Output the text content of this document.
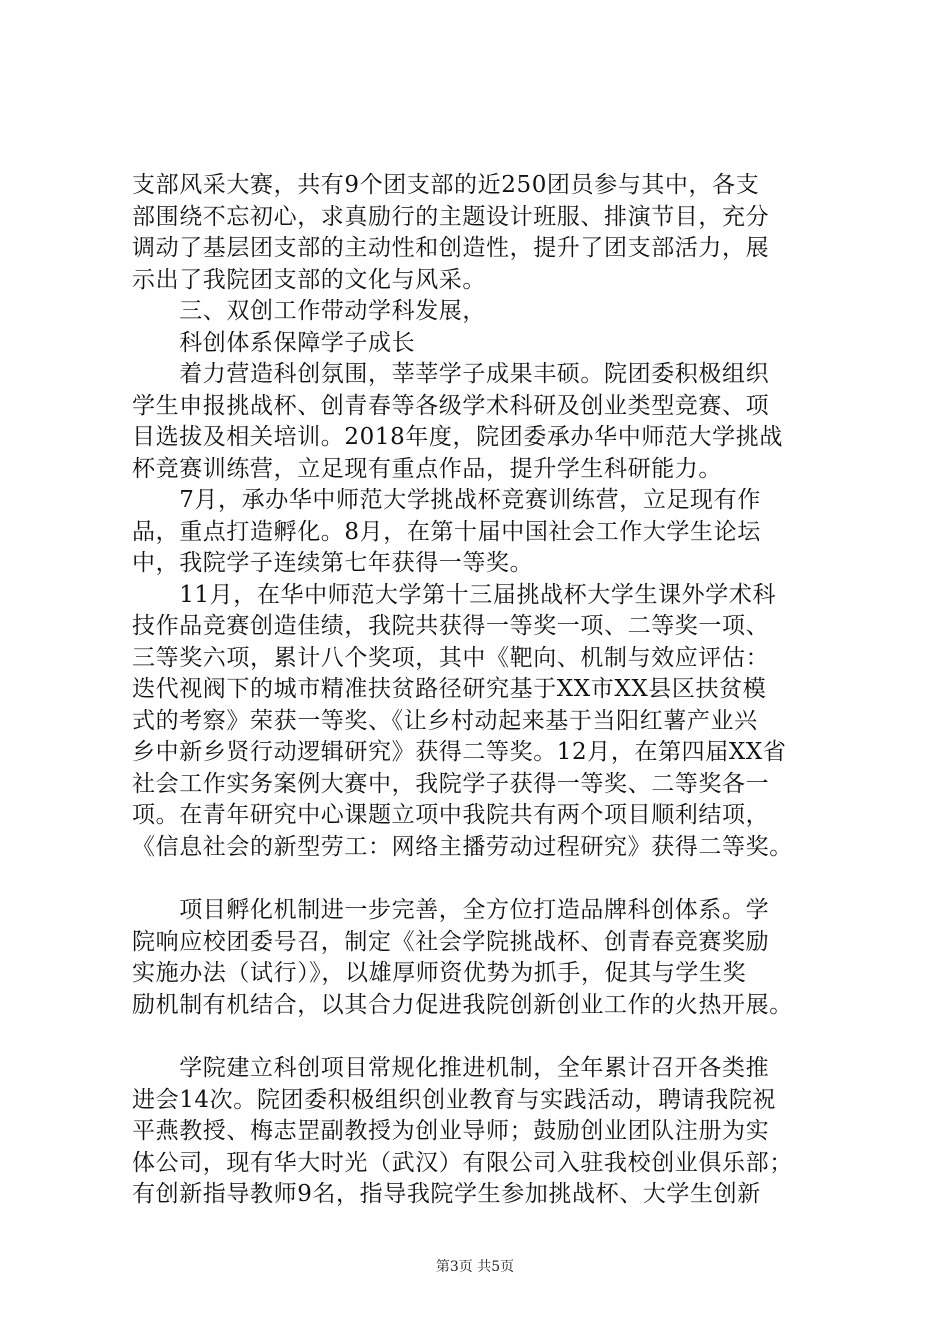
支部风采大赛，共有9个团支部的近250团员参与其中，各支
部围绕不忘初心，求真励行的主题设计班服、排演节目，充分
调动了基层团支部的主动性和创造性，提升了团支部活力，展
示出了我院团支部的文化与风采。
　　三、双创工作带动学科发展，
　　科创体系保障学子成长
　　着力营造科创氛围，莘莘学子成果丰硕。院团委积极组织
学生申报挑战杯、创青春等各级学术科研及创业类型竞赛、项
目选拔及相关培训。2018年度，院团委承办华中师范大学挑战
杯竞赛训练营，立足现有重点作品，提升学生科研能力。
　　7月，承办华中师范大学挑战杯竞赛训练营，立足现有作
品，重点打造孵化。8月，在第十届中国社会工作大学生论坛
中，我院学子连续第七年获得一等奖。
　　11月，在华中师范大学第十三届挑战杯大学生课外学术科
技作品竞赛创造佳绩，我院共获得一等奖一项、二等奖一项、
三等奖六项，累计八个奖项，其中《靶向、机制与效应评估：
迭代视阀下的城市精准扶贫路径研究基于XX市XX县区扶贫模
式的考察》荣获一等奖、《让乡村动起来基于当阳红薯产业兴
乡中新乡贤行动逻辑研究》获得二等奖。12月，在第四届XX省
社会工作实务案例大赛中，我院学子获得一等奖、二等奖各一
项。在青年研究中心课题立项中我院共有两个项目顺利结项，
《信息社会的新型劳工：网络主播劳动过程研究》获得二等奖。
　　项目孵化机制进一步完善，全方位打造品牌科创体系。学
院响应校团委号召，制定《社会学院挑战杯、创青春竞赛奖励
实施办法（试行）》，以雄厚师资优势为抓手，促其与学生奖
励机制有机结合，以其合力促进我院创新创业工作的火热开展。
　　学院建立科创项目常规化推进机制，全年累计召开各类推
进会14次。院团委积极组织创业教育与实践活动，聘请我院祝
平燕教授、梅志罡副教授为创业导师；鼓励创业团队注册为实
体公司，现有华大时光（武汉）有限公司入驻我校创业俱乐部；
有创新指导教师9名，指导我院学生参加挑战杯、大学生创新
第3页 共5页
